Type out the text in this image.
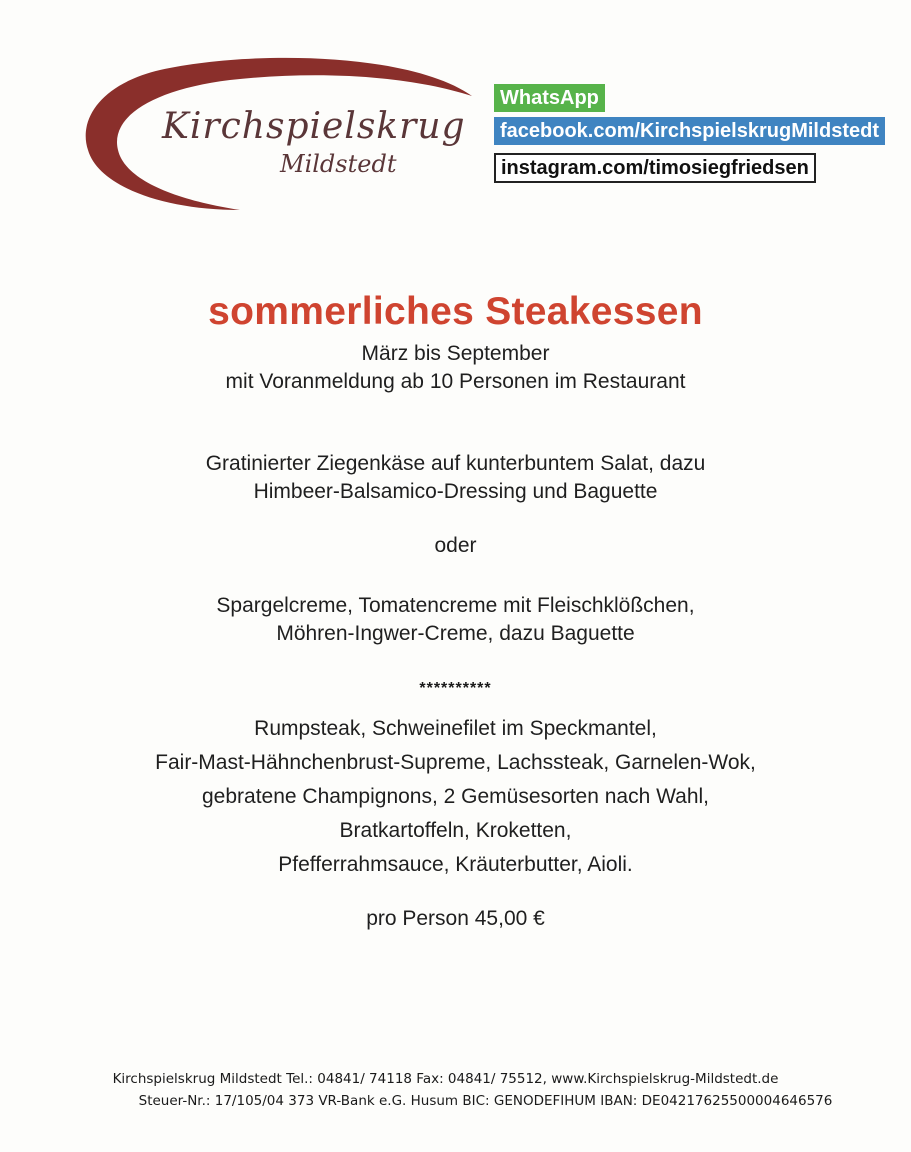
Kirchspielskrug
Mildstedt
WhatsApp
facebook.com/KirchspielskrugMildstedt
instagram.com/timosiegfriedsen
sommerliches Steakessen
März bis September
mit Voranmeldung ab 10 Personen im Restaurant
Gratinierter Ziegenkäse auf kunterbuntem Salat, dazu
Himbeer-Balsamico-Dressing und Baguette
oder
Spargelcreme, Tomatencreme mit Fleischklößchen,
Möhren-Ingwer-Creme, dazu Baguette
**********
Rumpsteak, Schweinefilet im Speckmantel,
Fair-Mast-Hähnchenbrust-Supreme, Lachssteak, Garnelen-Wok,
gebratene Champignons, 2 Gemüsesorten nach Wahl,
Bratkartoffeln, Kroketten,
Pfefferrahmsauce, Kräuterbutter, Aioli.
pro Person 45,00 €
Kirchspielskrug Mildstedt Tel.: 04841/ 74118 Fax: 04841/ 75512, www.Kirchspielskrug-Mildstedt.de
Steuer-Nr.: 17/105/04 373 VR-Bank e.G. Husum BIC: GENODEFIHUM IBAN: DE04217625500004646576
